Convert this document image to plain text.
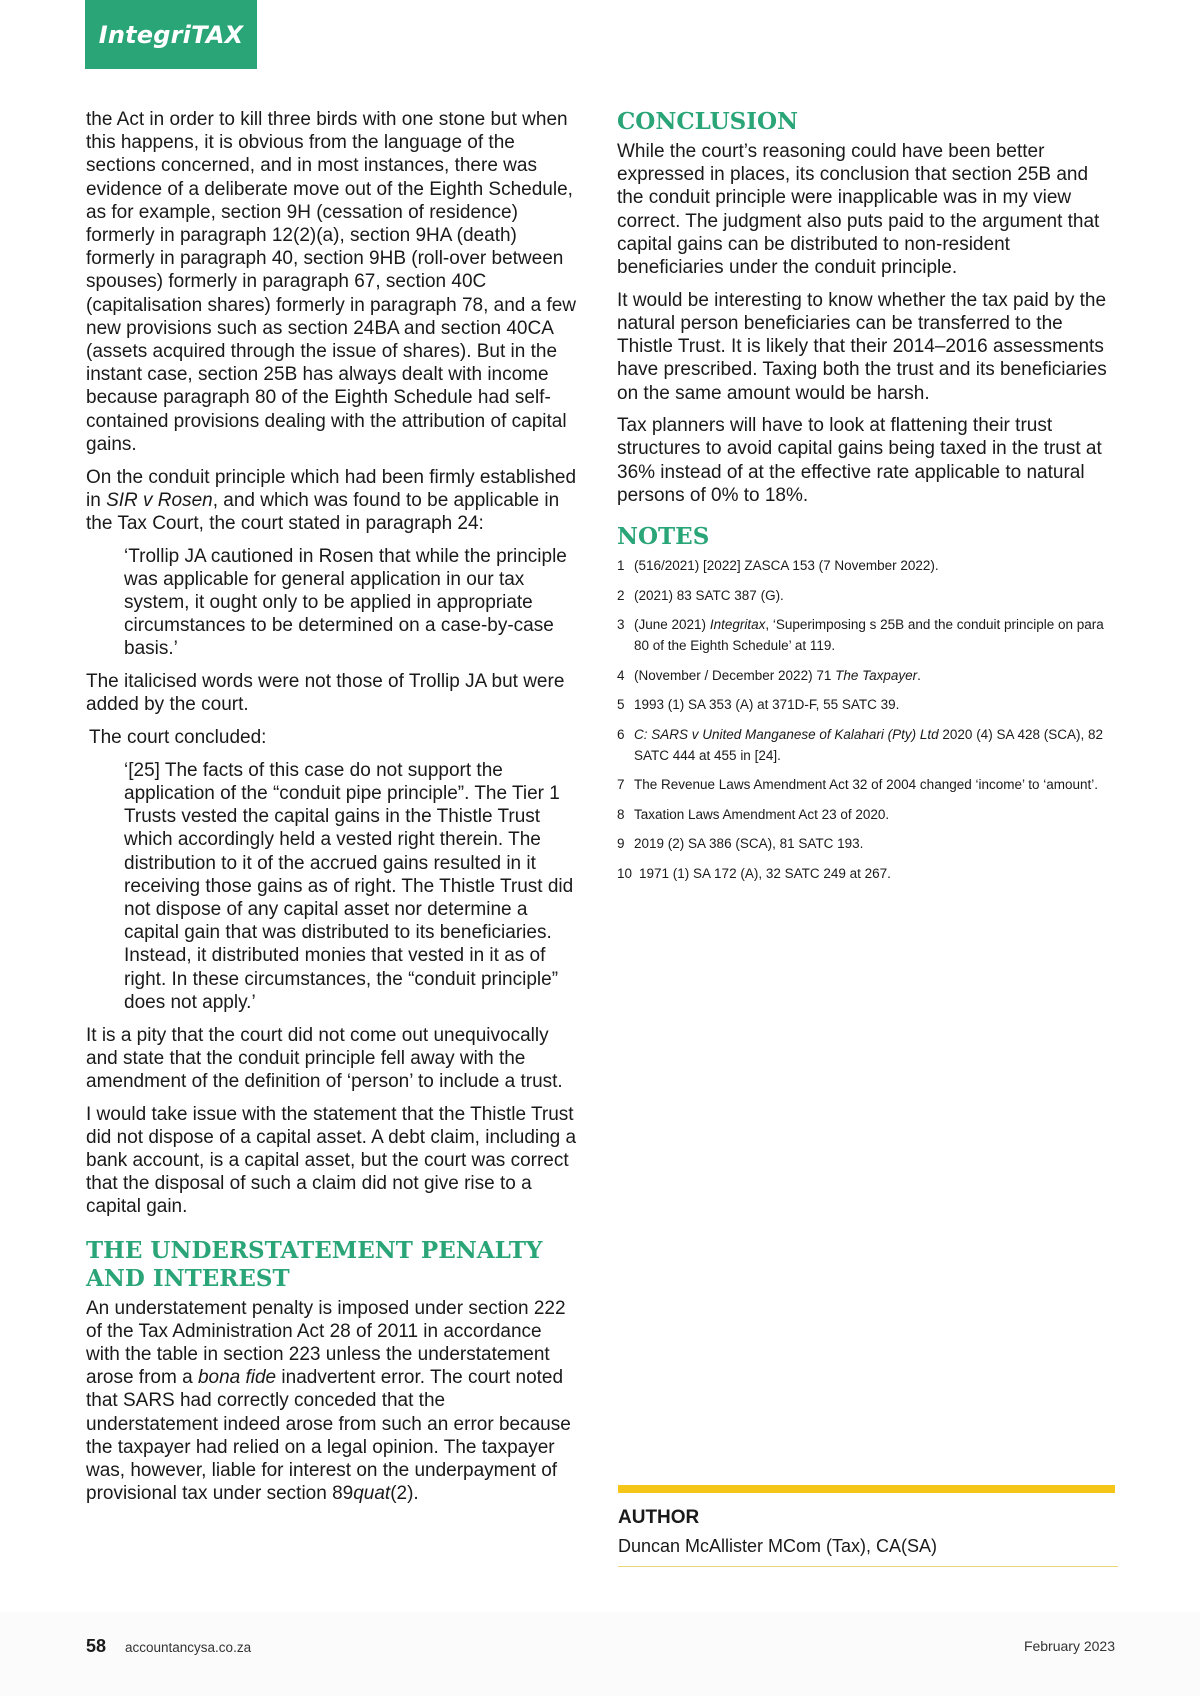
IntegriTAX

the Act in order to kill three birds with one stone but when this happens, it is obvious from the language of the sections concerned, and in most instances, there was evidence of a deliberate move out of the Eighth Schedule, as for example, section 9H (cessation of residence) formerly in paragraph 12(2)(a), section 9HA (death) formerly in paragraph 40, section 9HB (roll-over between spouses) formerly in paragraph 67, section 40C (capitalisation shares) formerly in paragraph 78, and a few new provisions such as section 24BA and section 40CA (assets acquired through the issue of shares). But in the instant case, section 25B has always dealt with income because paragraph 80 of the Eighth Schedule had self-contained provisions dealing with the attribution of capital gains.

On the conduit principle which had been firmly established in SIR v Rosen, and which was found to be applicable in the Tax Court, the court stated in paragraph 24:

‘Trollip JA cautioned in Rosen that while the principle was applicable for general application in our tax system, it ought only to be applied in appropriate circumstances to be determined on a case-by-case basis.’

The italicised words were not those of Trollip JA but were added by the court.

The court concluded:

‘[25] The facts of this case do not support the application of the “conduit pipe principle”. The Tier 1 Trusts vested the capital gains in the Thistle Trust which accordingly held a vested right therein. The distribution to it of the accrued gains resulted in it receiving those gains as of right. The Thistle Trust did not dispose of any capital asset nor determine a capital gain that was distributed to its beneficiaries. Instead, it distributed monies that vested in it as of right. In these circumstances, the “conduit principle” does not apply.’

It is a pity that the court did not come out unequivocally and state that the conduit principle fell away with the amendment of the definition of ‘person’ to include a trust.

I would take issue with the statement that the Thistle Trust did not dispose of a capital asset. A debt claim, including a bank account, is a capital asset, but the court was correct that the disposal of such a claim did not give rise to a capital gain.

THE UNDERSTATEMENT PENALTY AND INTEREST

An understatement penalty is imposed under section 222 of the Tax Administration Act 28 of 2011 in accordance with the table in section 223 unless the understatement arose from a bona fide inadvertent error. The court noted that SARS had correctly conceded that the understatement indeed arose from such an error because the taxpayer had relied on a legal opinion. The taxpayer was, however, liable for interest on the underpayment of provisional tax under section 89quat(2).

CONCLUSION

While the court’s reasoning could have been better expressed in places, its conclusion that section 25B and the conduit principle were inapplicable was in my view correct. The judgment also puts paid to the argument that capital gains can be distributed to non-resident beneficiaries under the conduit principle.

It would be interesting to know whether the tax paid by the natural person beneficiaries can be transferred to the Thistle Trust. It is likely that their 2014–2016 assessments have prescribed. Taxing both the trust and its beneficiaries on the same amount would be harsh.

Tax planners will have to look at flattening their trust structures to avoid capital gains being taxed in the trust at 36% instead of at the effective rate applicable to natural persons of 0% to 18%.

NOTES
1 (516/2021) [2022] ZASCA 153 (7 November 2022).
2 (2021) 83 SATC 387 (G).
3 (June 2021) Integritax, ‘Superimposing s 25B and the conduit principle on para 80 of the Eighth Schedule’ at 119.
4 (November / December 2022) 71 The Taxpayer.
5 1993 (1) SA 353 (A) at 371D-F, 55 SATC 39.
6 C: SARS v United Manganese of Kalahari (Pty) Ltd 2020 (4) SA 428 (SCA), 82 SATC 444 at 455 in [24].
7 The Revenue Laws Amendment Act 32 of 2004 changed ‘income’ to ‘amount’.
8 Taxation Laws Amendment Act 23 of 2020.
9 2019 (2) SA 386 (SCA), 81 SATC 193.
10 1971 (1) SA 172 (A), 32 SATC 249 at 267.
AUTHOR
Duncan McAllister MCom (Tax), CA(SA)
58 accountancysa.co.za	February 2023
